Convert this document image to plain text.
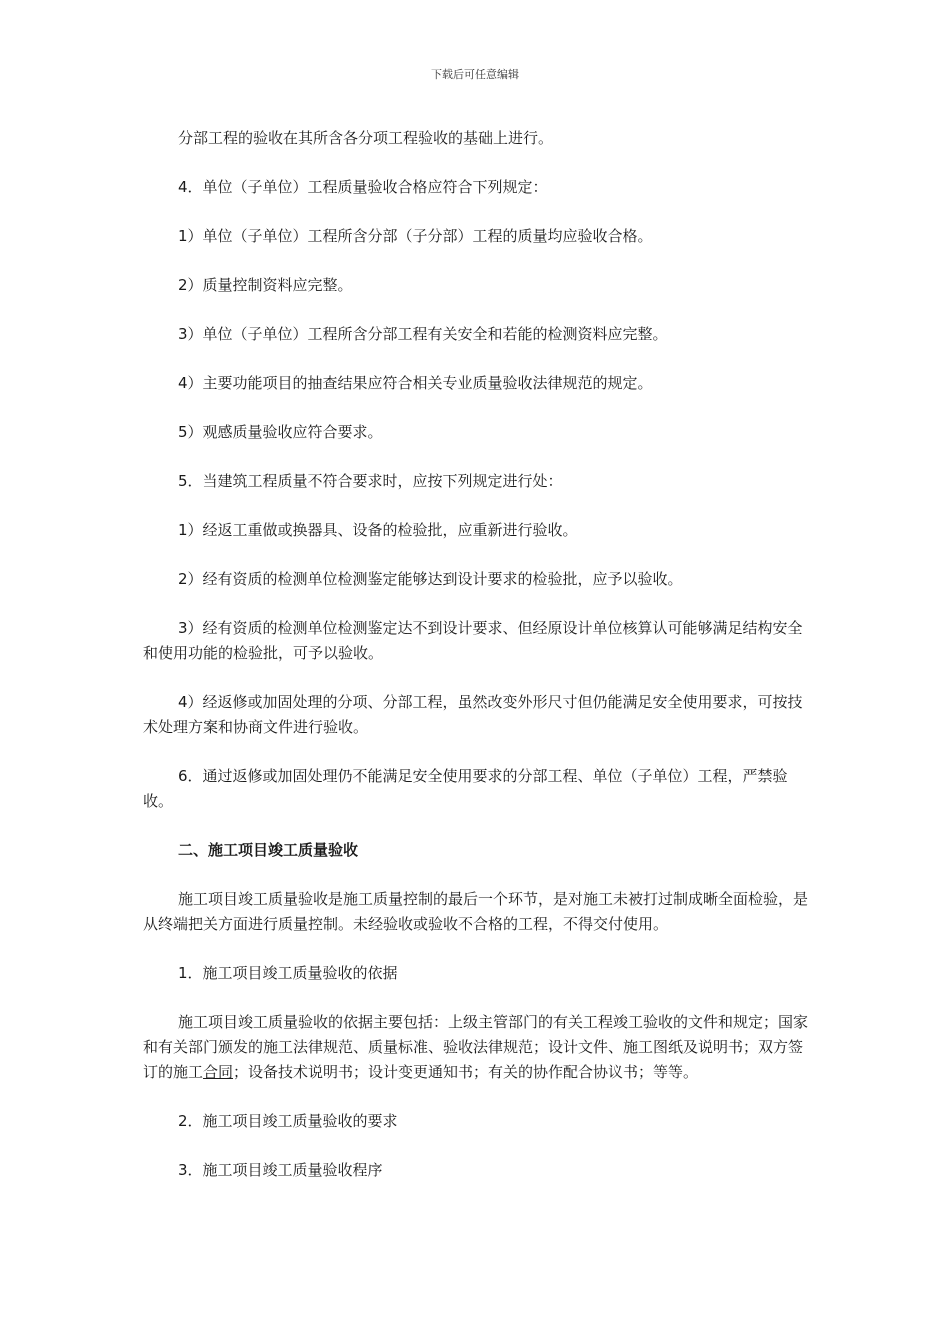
下载后可任意编辑

分部工程的验收在其所含各分项工程验收的基础上进行。

4．单位（子单位）工程质量验收合格应符合下列规定：

1）单位（子单位）工程所含分部（子分部）工程的质量均应验收合格。

2）质量控制资料应完整。

3）单位（子单位）工程所含分部工程有关安全和若能的检测资料应完整。

4）主要功能项目的抽查结果应符合相关专业质量验收法律规范的规定。

5）观感质量验收应符合要求。

5．当建筑工程质量不符合要求时，应按下列规定进行处：

1）经返工重做或换器具、设备的检验批，应重新进行验收。

2）经有资质的检测单位检测鉴定能够达到设计要求的检验批，应予以验收。

3）经有资质的检测单位检测鉴定达不到设计要求、但经原设计单位核算认可能够满足结构安全和使用功能的检验批，可予以验收。

4）经返修或加固处理的分项、分部工程，虽然改变外形尺寸但仍能满足安全使用要求，可按技术处理方案和协商文件进行验收。

6．通过返修或加固处理仍不能满足安全使用要求的分部工程、单位（子单位）工程，严禁验收。

二、施工项目竣工质量验收

施工项目竣工质量验收是施工质量控制的最后一个环节，是对施工未被打过制成晰全面检验，是从终端把关方面进行质量控制。未经验收或验收不合格的工程，不得交付使用。

1．施工项目竣工质量验收的依据

施工项目竣工质量验收的依据主要包括：上级主管部门的有关工程竣工验收的文件和规定；国家和有关部门颁发的施工法律规范、质量标准、验收法律规范；设计文件、施工图纸及说明书；双方签订的施工合同；设备技术说明书；设计变更通知书；有关的协作配合协议书；等等。

2．施工项目竣工质量验收的要求

3．施工项目竣工质量验收程序
